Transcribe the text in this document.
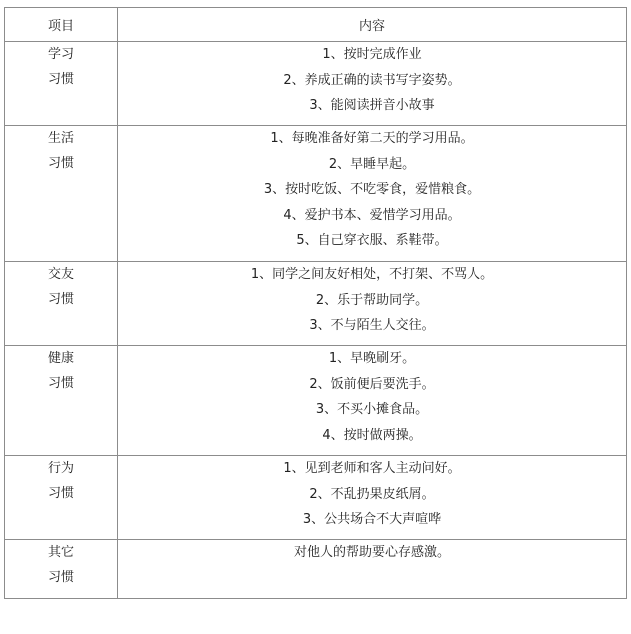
项目	内容

学习
习惯	1、按时完成作业
2、养成正确的读书写字姿势。
3、能阅读拼音小故事

生活
习惯	1、每晚准备好第二天的学习用品。
2、早睡早起。
3、按时吃饭、不吃零食，爱惜粮食。
4、爱护书本、爱惜学习用品。
5、自己穿衣服、系鞋带。

交友
习惯	1、同学之间友好相处，不打架、不骂人。
2、乐于帮助同学。
3、不与陌生人交往。

健康
习惯	1、早晚刷牙。
2、饭前便后要洗手。
3、不买小摊食品。
4、按时做两操。

行为
习惯	1、见到老师和客人主动问好。
2、不乱扔果皮纸屑。
3、公共场合不大声喧哗

其它
习惯	对他人的帮助要心存感激。
